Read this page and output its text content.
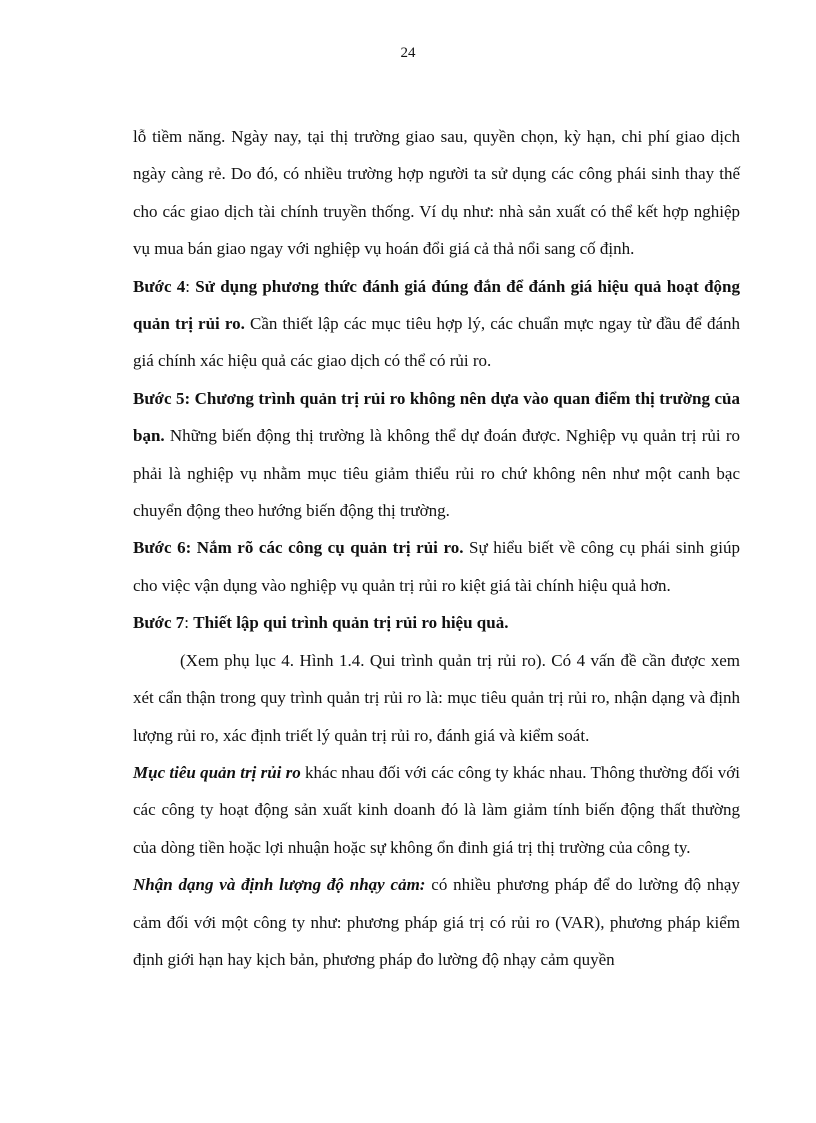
24

lỗ tiềm năng. Ngày nay, tại thị trường giao sau, quyền chọn, kỳ hạn, chi phí giao dịch ngày càng rẻ. Do đó, có nhiều trường hợp người ta sử dụng các công phái sinh thay thế cho các giao dịch tài chính truyền thống. Ví dụ như: nhà sản xuất có thể kết hợp nghiệp vụ mua bán giao ngay với nghiệp vụ hoán đổi giá cả thả nổi sang cố định.

Bước 4: Sử dụng phương thức đánh giá đúng đắn để đánh giá hiệu quả hoạt động quản trị rủi ro. Cần thiết lập các mục tiêu hợp lý, các chuẩn mực ngay từ đầu để đánh giá chính xác hiệu quả các giao dịch có thể có rủi ro.

Bước 5: Chương trình quản trị rủi ro không nên dựa vào quan điểm thị trường của bạn. Những biến động thị trường là không thể dự đoán được. Nghiệp vụ quản trị rủi ro phải là nghiệp vụ nhằm mục tiêu giảm thiểu rủi ro chứ không nên như một canh bạc chuyển động theo hướng biến động thị trường.

Bước 6: Nắm rõ các công cụ quản trị rủi ro. Sự hiểu biết về công cụ phái sinh giúp cho việc vận dụng vào nghiệp vụ quản trị rủi ro kiệt giá tài chính hiệu quả hơn.

Bước 7: Thiết lập qui trình quản trị rủi ro hiệu quả.

(Xem phụ lục 4. Hình 1.4. Qui trình quản trị rủi ro). Có 4 vấn đề cần được xem xét cẩn thận trong quy trình quản trị rủi ro là: mục tiêu quản trị rủi ro, nhận dạng và định lượng rủi ro, xác định triết lý quản trị rủi ro, đánh giá và kiểm soát.

Mục tiêu quản trị rủi ro khác nhau đối với các công ty khác nhau. Thông thường đối với các công ty hoạt động sản xuất kinh doanh đó là làm giảm tính biến động thất thường của dòng tiền hoặc lợi nhuận hoặc sự không ổn đinh giá trị thị trường của công ty.

Nhận dạng và định lượng độ nhạy cảm: có nhiều phương pháp để do lường độ nhạy cảm đối với một công ty như: phương pháp giá trị có rủi ro (VAR), phương pháp kiểm định giới hạn hay kịch bản, phương pháp đo lường độ nhạy cảm quyền
